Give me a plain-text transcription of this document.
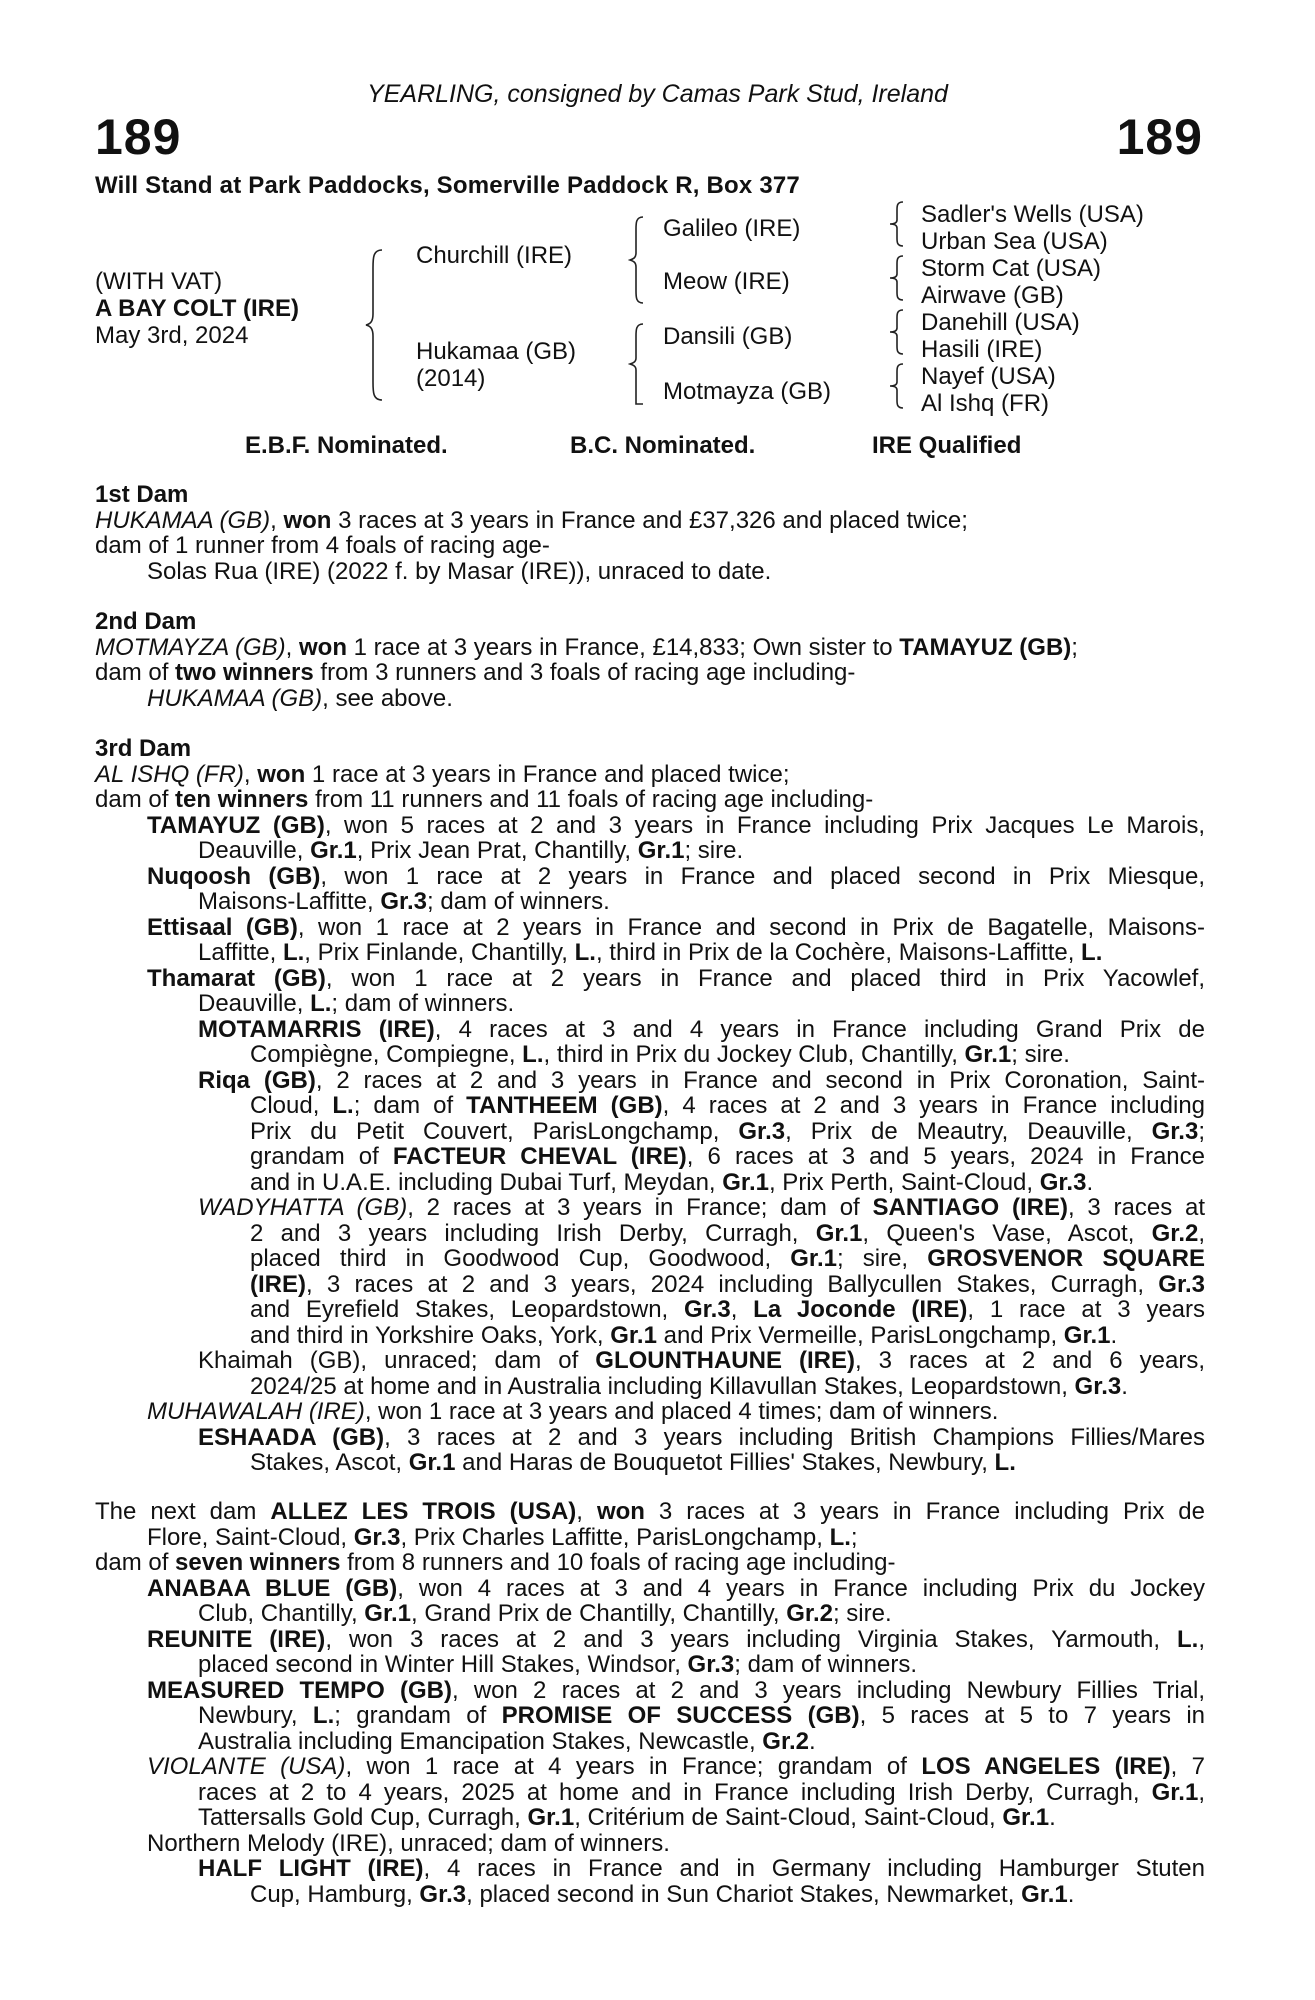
YEARLING, consigned by Camas Park Stud, Ireland
189	189
Will Stand at Park Paddocks, Somerville Paddock R, Box 377
(WITH VAT)
A BAY COLT (IRE)
May 3rd, 2024
Churchill (IRE)
Hukamaa (GB)
(2014)
Galileo (IRE)
Meow (IRE)
Dansili (GB)
Motmayza (GB)
Sadler's Wells (USA)
Urban Sea (USA)
Storm Cat (USA)
Airwave (GB)
Danehill (USA)
Hasili (IRE)
Nayef (USA)
Al Ishq (FR)
E.B.F. Nominated.	B.C. Nominated.	IRE Qualified
1st Dam
HUKAMAA (GB), won 3 races at 3 years in France and £37,326 and placed twice;
dam of 1 runner from 4 foals of racing age-
Solas Rua (IRE) (2022 f. by Masar (IRE)), unraced to date.
2nd Dam
MOTMAYZA (GB), won 1 race at 3 years in France, £14,833; Own sister to TAMAYUZ (GB);
dam of two winners from 3 runners and 3 foals of racing age including-
HUKAMAA (GB), see above.
3rd Dam
AL ISHQ (FR), won 1 race at 3 years in France and placed twice;
dam of ten winners from 11 runners and 11 foals of racing age including-
TAMAYUZ (GB), won 5 races at 2 and 3 years in France including Prix Jacques Le Marois,
Deauville, Gr.1, Prix Jean Prat, Chantilly, Gr.1; sire.
Nuqoosh (GB), won 1 race at 2 years in France and placed second in Prix Miesque,
Maisons-Laffitte, Gr.3; dam of winners.
Ettisaal (GB), won 1 race at 2 years in France and second in Prix de Bagatelle, Maisons-
Laffitte, L., Prix Finlande, Chantilly, L., third in Prix de la Cochère, Maisons-Laffitte, L.
Thamarat (GB), won 1 race at 2 years in France and placed third in Prix Yacowlef,
Deauville, L.; dam of winners.
MOTAMARRIS (IRE), 4 races at 3 and 4 years in France including Grand Prix de
Compiègne, Compiegne, L., third in Prix du Jockey Club, Chantilly, Gr.1; sire.
Riqa (GB), 2 races at 2 and 3 years in France and second in Prix Coronation, Saint-
Cloud, L.; dam of TANTHEEM (GB), 4 races at 2 and 3 years in France including
Prix du Petit Couvert, ParisLongchamp, Gr.3, Prix de Meautry, Deauville, Gr.3;
grandam of FACTEUR CHEVAL (IRE), 6 races at 3 and 5 years, 2024 in France
and in U.A.E. including Dubai Turf, Meydan, Gr.1, Prix Perth, Saint-Cloud, Gr.3.
WADYHATTA (GB), 2 races at 3 years in France; dam of SANTIAGO (IRE), 3 races at
2 and 3 years including Irish Derby, Curragh, Gr.1, Queen's Vase, Ascot, Gr.2,
placed third in Goodwood Cup, Goodwood, Gr.1; sire, GROSVENOR SQUARE
(IRE), 3 races at 2 and 3 years, 2024 including Ballycullen Stakes, Curragh, Gr.3
and Eyrefield Stakes, Leopardstown, Gr.3, La Joconde (IRE), 1 race at 3 years
and third in Yorkshire Oaks, York, Gr.1 and Prix Vermeille, ParisLongchamp, Gr.1.
Khaimah (GB), unraced; dam of GLOUNTHAUNE (IRE), 3 races at 2 and 6 years,
2024/25 at home and in Australia including Killavullan Stakes, Leopardstown, Gr.3.
MUHAWALAH (IRE), won 1 race at 3 years and placed 4 times; dam of winners.
ESHAADA (GB), 3 races at 2 and 3 years including British Champions Fillies/Mares
Stakes, Ascot, Gr.1 and Haras de Bouquetot Fillies' Stakes, Newbury, L.
The next dam ALLEZ LES TROIS (USA), won 3 races at 3 years in France including Prix de
Flore, Saint-Cloud, Gr.3, Prix Charles Laffitte, ParisLongchamp, L.;
dam of seven winners from 8 runners and 10 foals of racing age including-
ANABAA BLUE (GB), won 4 races at 3 and 4 years in France including Prix du Jockey
Club, Chantilly, Gr.1, Grand Prix de Chantilly, Chantilly, Gr.2; sire.
REUNITE (IRE), won 3 races at 2 and 3 years including Virginia Stakes, Yarmouth, L.,
placed second in Winter Hill Stakes, Windsor, Gr.3; dam of winners.
MEASURED TEMPO (GB), won 2 races at 2 and 3 years including Newbury Fillies Trial,
Newbury, L.; grandam of PROMISE OF SUCCESS (GB), 5 races at 5 to 7 years in
Australia including Emancipation Stakes, Newcastle, Gr.2.
VIOLANTE (USA), won 1 race at 4 years in France; grandam of LOS ANGELES (IRE), 7
races at 2 to 4 years, 2025 at home and in France including Irish Derby, Curragh, Gr.1,
Tattersalls Gold Cup, Curragh, Gr.1, Critérium de Saint-Cloud, Saint-Cloud, Gr.1.
Northern Melody (IRE), unraced; dam of winners.
HALF LIGHT (IRE), 4 races in France and in Germany including Hamburger Stuten
Cup, Hamburg, Gr.3, placed second in Sun Chariot Stakes, Newmarket, Gr.1.
